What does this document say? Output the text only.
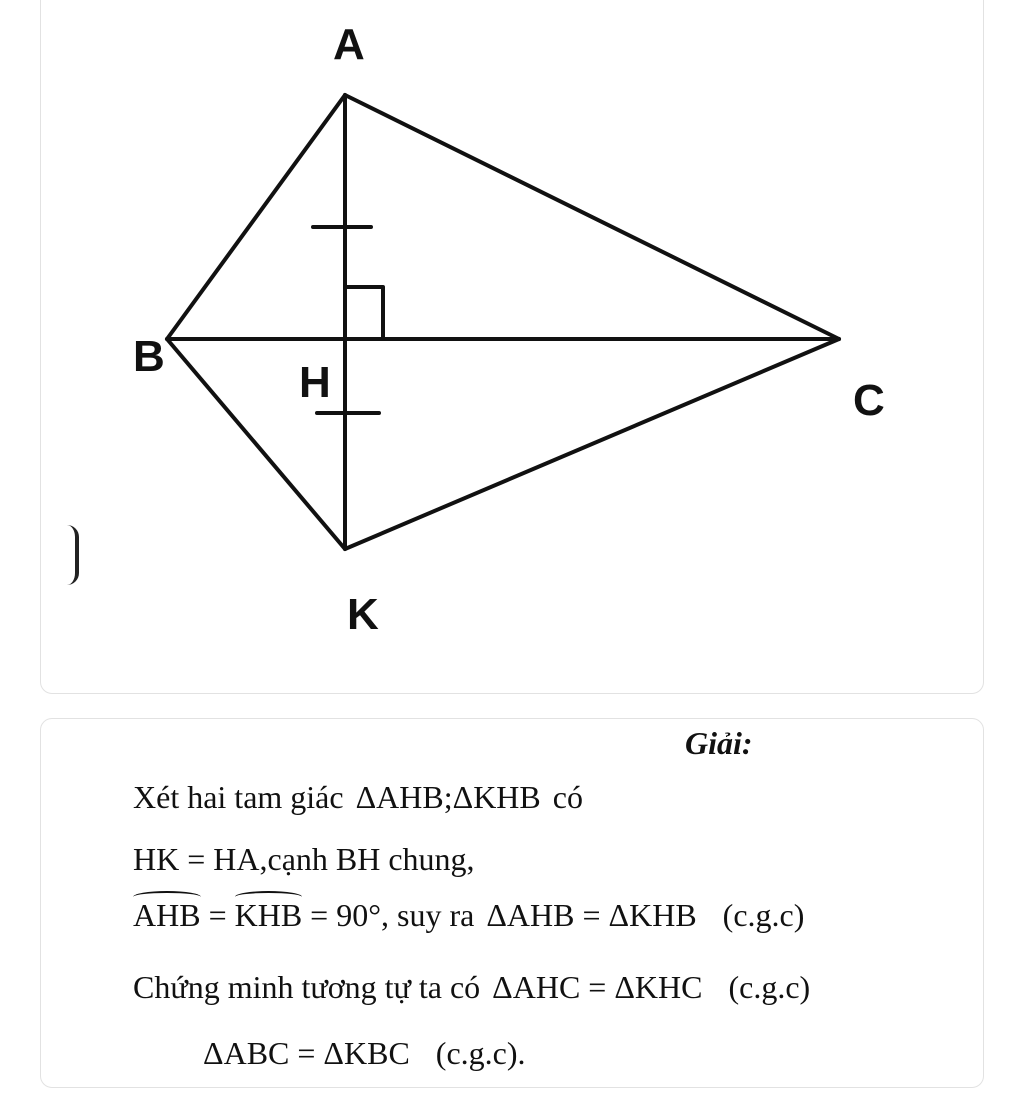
A
B
C
H
K
Giải:
Xét hai tam giác ΔAHB;ΔKHB có
HK = HA,cạnh BH chung,
AHB = KHB = 90°, suy ra ΔAHB = ΔKHB (c.g.c)
Chứng minh tương tự ta có ΔAHC = ΔKHC (c.g.c)
ΔABC = ΔKBC (c.g.c).
